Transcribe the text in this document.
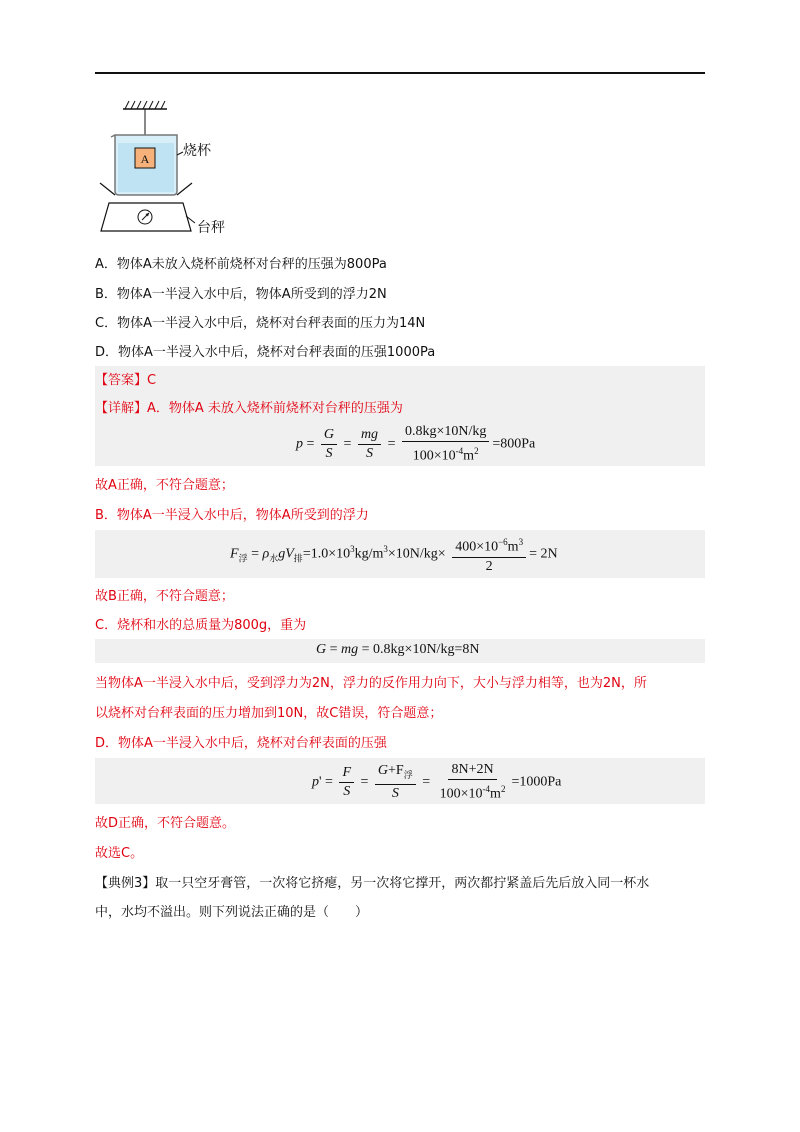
A 烧杯
台秤
A．物体A未放入烧杯前烧杯对台秤的压强为800Pa
B．物体A一半浸入水中后，物体A所受到的浮力2N
C．物体A一半浸入水中后，烧杯对台秤表面的压力为14N
D．物体A一半浸入水中后，烧杯对台秤表面的压强1000Pa
【答案】C
【详解】A．物体A 未放入烧杯前烧杯对台秤的压强为
$p = \frac{G}{S} = \frac{mg}{S} = \frac{0.8kg\times 10N/kg}{100\times 10^{-4}m^2} =800Pa$
故A正确，不符合题意；
B．物体A一半浸入水中后，物体A所受到的浮力
$F_浮 = \rho_水gV_排=1.0\times 10^3kg/m^3\times 10N/kg\times \frac{400\times 10^{-6}m^3}{2} = 2N$
故B正确，不符合题意；
C．烧杯和水的总质量为800g，重为
G = mg = 0.8kg×10N/kg=8N
当物体A一半浸入水中后，受到浮力为2N，浮力的反作用力向下，大小与浮力相等，也为2N，所
以烧杯对台秤表面的压力增加到10N，故C错误，符合题意；
D．物体A一半浸入水中后，烧杯对台秤表面的压强
$p' = \frac{F}{S} = \frac{G+F_浮}{S} = \frac{8N+2N}{100\times 10^{-4}m^2} =1000Pa$
故D正确，不符合题意。
故选C。
【典例3】取一只空牙膏管，一次将它挤瘪，另一次将它撑开，两次都拧紧盖后先后放入同一杯水
中，水均不溢出。则下列说法正确的是（　　）
